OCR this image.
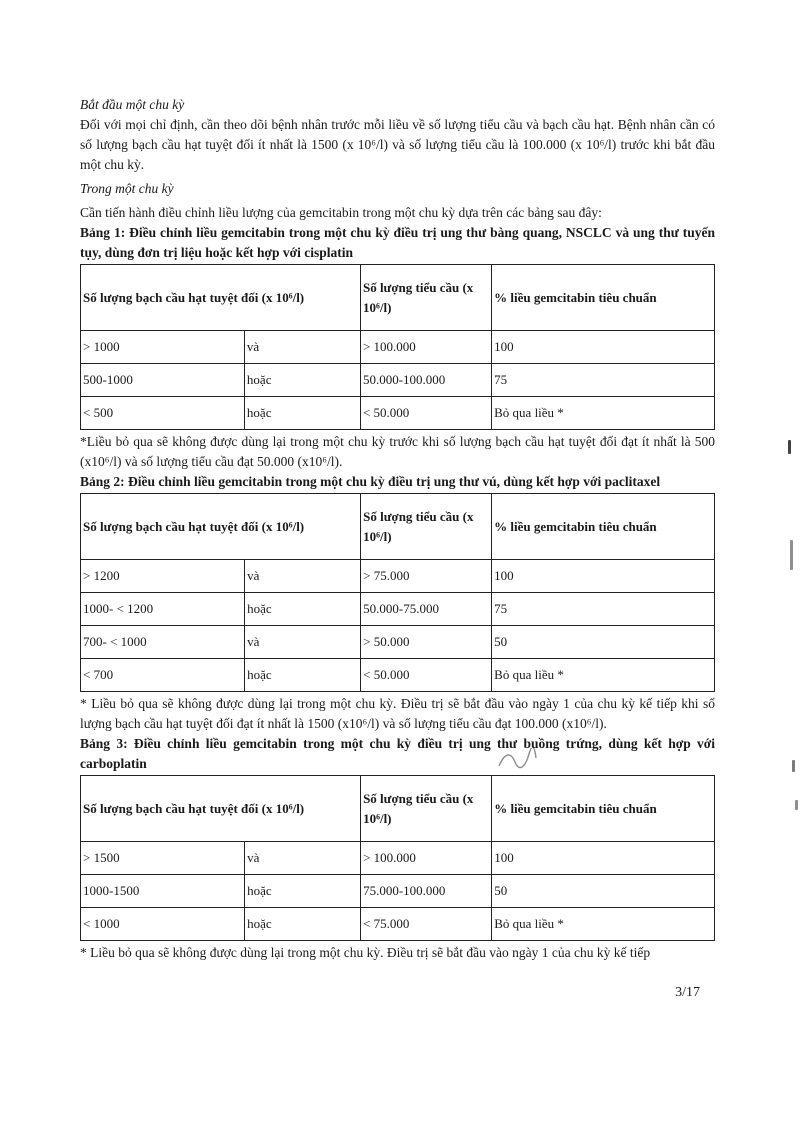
Bắt đầu một chu kỳ

Đối với mọi chỉ định, cần theo dõi bệnh nhân trước mỗi liều về số lượng tiểu cầu và bạch cầu hạt. Bệnh nhân cần có số lượng bạch cầu hạt tuyệt đối ít nhất là 1500 (x 10⁶/l) và số lượng tiểu cầu là 100.000 (x 10⁶/l) trước khi bắt đầu một chu kỳ.

Trong một chu kỳ

Cần tiến hành điều chỉnh liều lượng của gemcitabin trong một chu kỳ dựa trên các bảng sau đây:

Bảng 1: Điều chỉnh liều gemcitabin trong một chu kỳ điều trị ung thư bàng quang, NSCLC và ung thư tuyến tụy, dùng đơn trị liệu hoặc kết hợp với cisplatin

Số lượng bạch cầu hạt tuyệt đối (x 10⁶/l)		Số lượng tiểu cầu (x 10⁶/l)	% liều gemcitabin tiêu chuẩn
> 1000	và	> 100.000	100
500-1000	hoặc	50.000-100.000	75
< 500	hoặc	< 50.000	Bỏ qua liều *

*Liều bỏ qua sẽ không được dùng lại trong một chu kỳ trước khi số lượng bạch cầu hạt tuyệt đối đạt ít nhất là 500 (x10⁶/l) và số lượng tiểu cầu đạt 50.000 (x10⁶/l).

Bảng 2: Điều chỉnh liều gemcitabin trong một chu kỳ điều trị ung thư vú, dùng kết hợp với paclitaxel

Số lượng bạch cầu hạt tuyệt đối (x 10⁶/l)		Số lượng tiểu cầu (x 10⁶/l)	% liều gemcitabin tiêu chuẩn
> 1200	và	> 75.000	100
1000- < 1200	hoặc	50.000-75.000	75
700- < 1000	và	> 50.000	50
< 700	hoặc	< 50.000	Bỏ qua liều *

* Liều bỏ qua sẽ không được dùng lại trong một chu kỳ. Điều trị sẽ bắt đầu vào ngày 1 của chu kỳ kế tiếp khi số lượng bạch cầu hạt tuyệt đối đạt ít nhất là 1500 (x10⁶/l) và số lượng tiểu cầu đạt 100.000 (x10⁶/l).

Bảng 3: Điều chỉnh liều gemcitabin trong một chu kỳ điều trị ung thư buồng trứng, dùng kết hợp với carboplatin

Số lượng bạch cầu hạt tuyệt đối (x 10⁶/l)		Số lượng tiểu cầu (x 10⁶/l)	% liều gemcitabin tiêu chuẩn
> 1500	và	> 100.000	100
1000-1500	hoặc	75.000-100.000	50
< 1000	hoặc	< 75.000	Bỏ qua liều *

* Liều bỏ qua sẽ không được dùng lại trong một chu kỳ. Điều trị sẽ bắt đầu vào ngày 1 của chu kỳ kế tiếp

3/17
